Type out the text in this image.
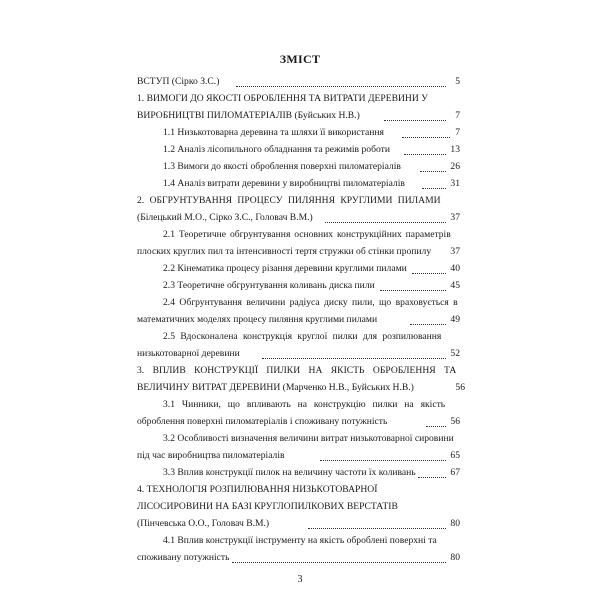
ЗМІСТ
ВСТУП (Сірко З.С.)	5
1. ВИМОГИ ДО ЯКОСТІ ОБРОБЛЕННЯ ТА ВИТРАТИ ДЕРЕВИНИ У
ВИРОБНИЦТВІ ПИЛОМАТЕРІАЛІВ (Буйських Н.В.)	7
1.1 Низькотоварна деревина та шляхи її використання	7
1.2 Аналіз лісопильного обладнання та режимів роботи	13
1.3 Вимоги до якості оброблення поверхні пиломатеріалів	26
1.4 Аналіз витрати деревини у виробництві пиломатеріалів	31
2. ОБГРУНТУВАННЯ ПРОЦЕСУ ПИЛЯННЯ КРУГЛИМИ ПИЛАМИ
(Білецький М.О., Сірко З.С., Головач В.М.)	37
2.1 Теоретичне обгрунтування основних конструкційних параметрів
плоских круглих пил та інтенсивності тертя стружки об стінки пропилу	37
2.2 Кінематика процесу різання деревини круглими пилами	40
2.3 Теоретичне обгрунтування коливань диска пили	45
2.4 Обгрунтування величини радіуса диску пили, що враховується в
математичних моделях процесу пиляння круглими пилами	49
2.5 Вдосконалена конструкція круглої пилки для розпилювання
низькотоварної деревини	52
3. ВПЛИВ КОНСТРУКЦІЇ ПИЛКИ НА ЯКІСТЬ ОБРОБЛЕННЯ ТА
ВЕЛИЧИНУ ВИТРАТ ДЕРЕВИНИ (Марченко Н.В., Буйських Н.В.)	56
3.1 Чинники, що впливають на конструкцію пилки на якість
оброблення поверхні пиломатеріалів і споживану потужність	56
3.2 Особливості визначення величини витрат низькотоварної сировини
під час виробництва пиломатеріалів	65
3.3 Вплив конструкції пилок на величину частоти їх коливань	67
4. ТЕХНОЛОГІЯ РОЗПИЛЮВАННЯ НИЗЬКОТОВАРНОЇ
ЛІСОСИРОВИНИ НА БАЗІ КРУГЛОПИЛКОВИХ ВЕРСТАТІВ
(Пінчевська О.О., Головач В.М.)	80
4.1 Вплив конструкції інструменту на якість оброблені поверхні та
споживану потужність	80
3
